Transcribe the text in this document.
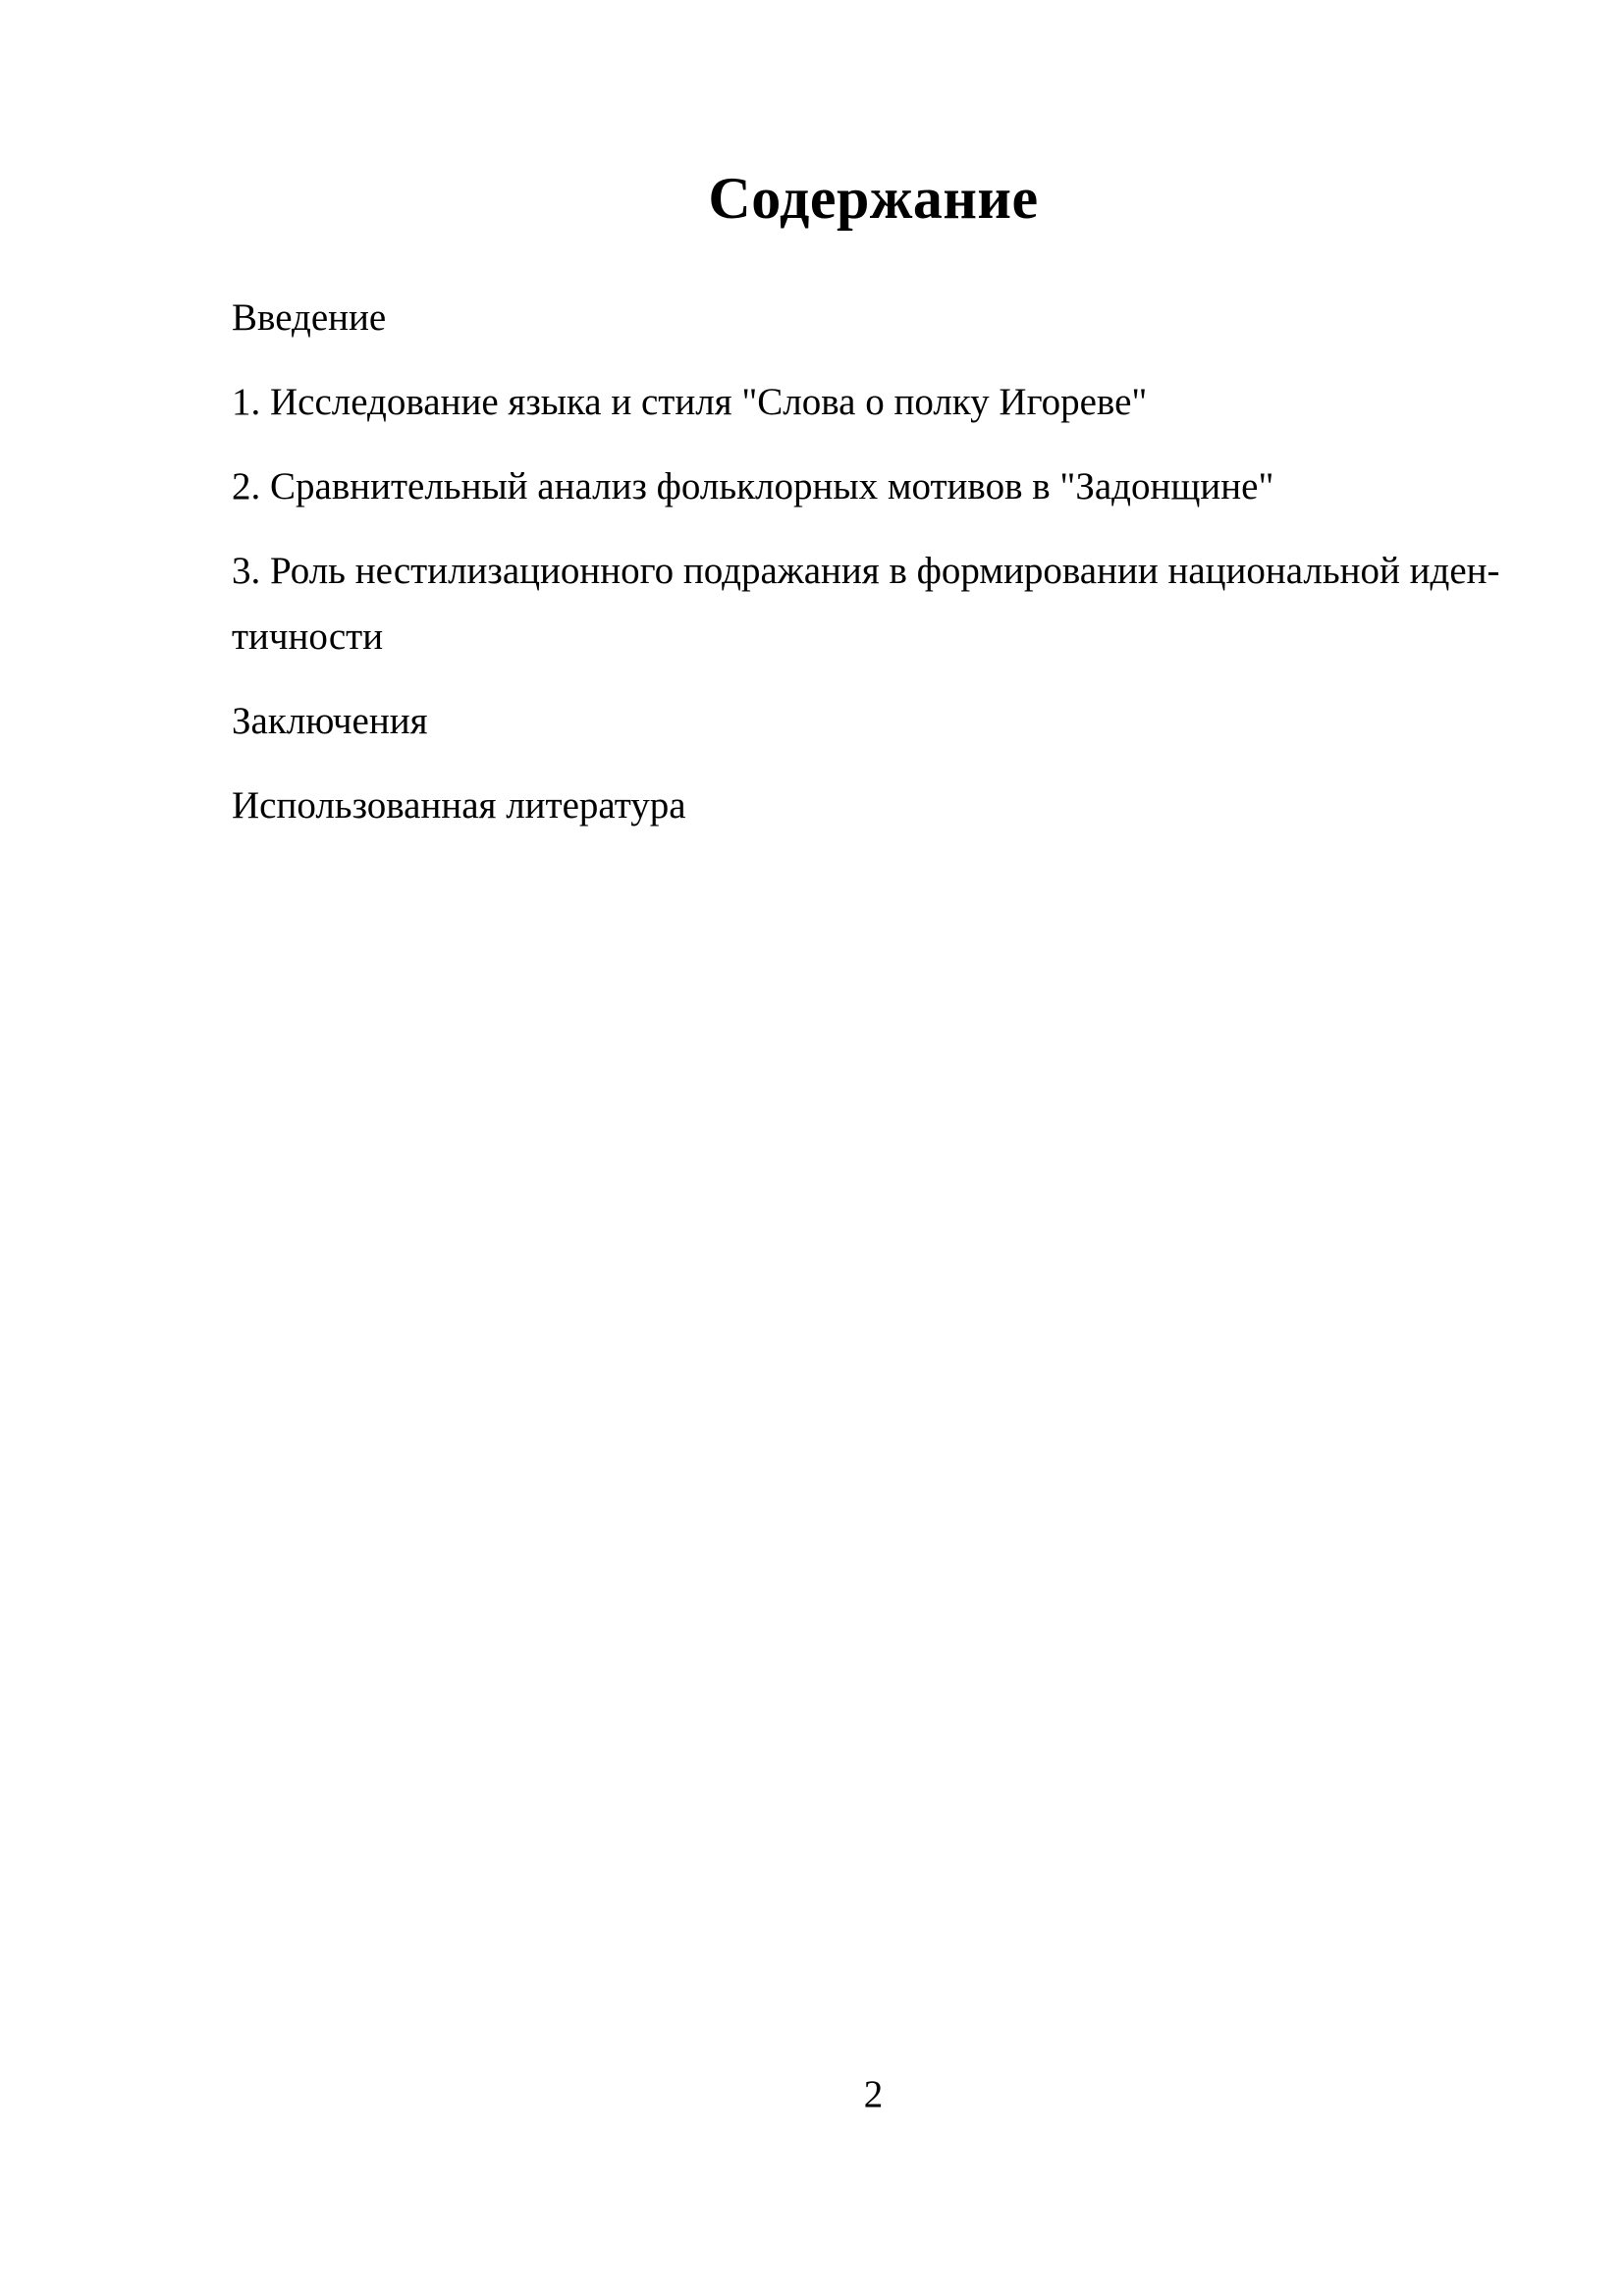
Содержание

Введение

1. Исследование языка и стиля "Слова о полку Игореве"

2. Сравнительный анализ фольклорных мотивов в "Задонщине"

3. Роль нестилизационного подражания в формировании национальной иден-

тичности

Заключения

Использованная литература

2
